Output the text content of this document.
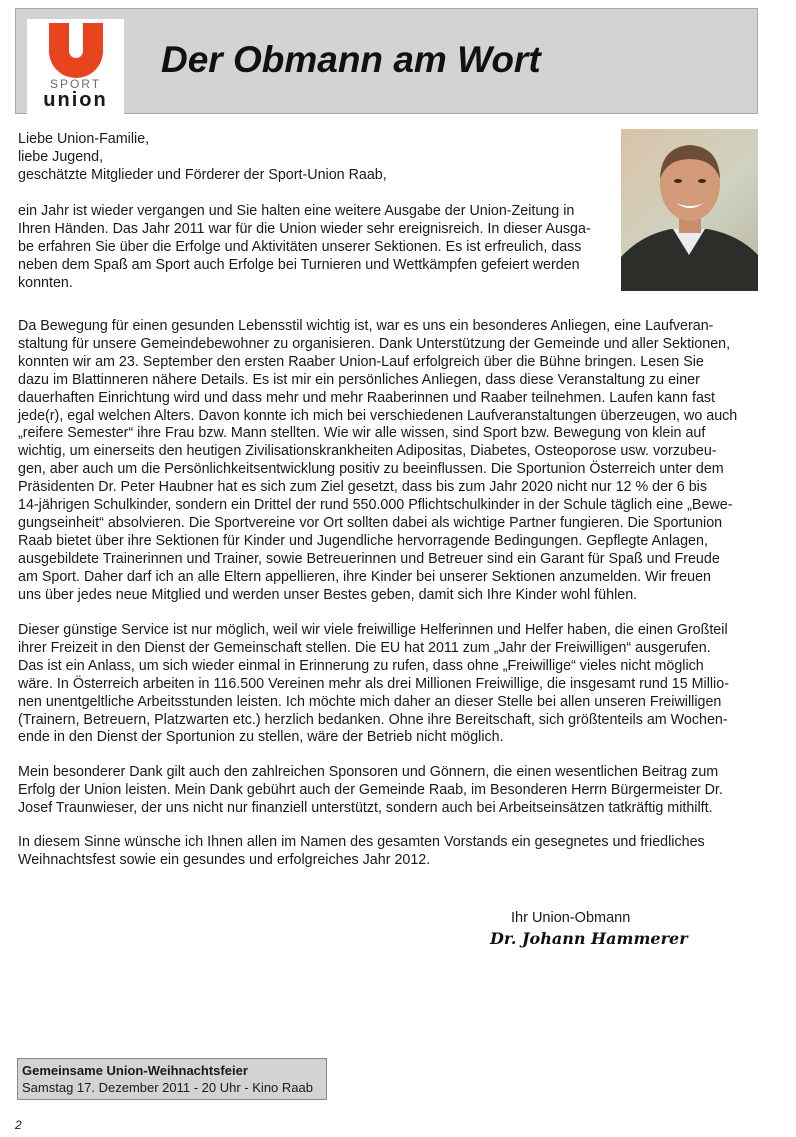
SPORT
union
Der Obmann am Wort
Liebe Union-Familie,
liebe Jugend,
geschätzte Mitglieder und Förderer der Sport-Union Raab,
ein Jahr ist wieder vergangen und Sie halten eine weitere Ausgabe der Union-Zeitung in
Ihren Händen. Das Jahr 2011 war für die Union wieder sehr ereignisreich. In dieser Ausga-
be erfahren Sie über die Erfolge und Aktivitäten unserer Sektionen. Es ist erfreulich, dass
neben dem Spaß am Sport auch Erfolge bei Turnieren und Wettkämpfen gefeiert werden
konnten.
Da Bewegung für einen gesunden Lebensstil wichtig ist, war es uns ein besonderes Anliegen, eine Laufveran-
staltung für unsere Gemeindebewohner zu organisieren. Dank Unterstützung der Gemeinde und aller Sektionen,
konnten wir am 23. September den ersten Raaber Union-Lauf erfolgreich über die Bühne bringen. Lesen Sie
dazu im Blattinneren nähere Details. Es ist mir ein persönliches Anliegen, dass diese Veranstaltung zu einer
dauerhaften Einrichtung wird und dass mehr und mehr Raaberinnen und Raaber teilnehmen. Laufen kann fast
jede(r), egal welchen Alters. Davon konnte ich mich bei verschiedenen Laufveranstaltungen überzeugen, wo auch
„reifere Semester“ ihre Frau bzw. Mann stellten. Wie wir alle wissen, sind Sport bzw. Bewegung von klein auf
wichtig, um einerseits den heutigen Zivilisationskrankheiten Adipositas, Diabetes, Osteoporose usw. vorzubeu-
gen, aber auch um die Persönlichkeitsentwicklung positiv zu beeinflussen. Die Sportunion Österreich unter dem
Präsidenten Dr. Peter Haubner hat es sich zum Ziel gesetzt, dass bis zum Jahr 2020 nicht nur 12 % der 6 bis
14-jährigen Schulkinder, sondern ein Drittel der rund 550.000 Pflichtschulkinder in der Schule täglich eine „Bewe-
gungseinheit“ absolvieren. Die Sportvereine vor Ort sollten dabei als wichtige Partner fungieren. Die Sportunion
Raab bietet über ihre Sektionen für Kinder und Jugendliche hervorragende Bedingungen. Gepflegte Anlagen,
ausgebildete Trainerinnen und Trainer, sowie Betreuerinnen und Betreuer sind ein Garant für Spaß und Freude
am Sport. Daher darf ich an alle Eltern appellieren, ihre Kinder bei unserer Sektionen anzumelden. Wir freuen
uns über jedes neue Mitglied und werden unser Bestes geben, damit sich Ihre Kinder wohl fühlen.
Dieser günstige Service ist nur möglich, weil wir viele freiwillige Helferinnen und Helfer haben, die einen Großteil
ihrer Freizeit in den Dienst der Gemeinschaft stellen. Die EU hat 2011 zum „Jahr der Freiwilligen“ ausgerufen.
Das ist ein Anlass, um sich wieder einmal in Erinnerung zu rufen, dass ohne „Freiwillige“ vieles nicht möglich
wäre. In Österreich arbeiten in 116.500 Vereinen mehr als drei Millionen Freiwillige, die insgesamt rund 15 Millio-
nen unentgeltliche Arbeitsstunden leisten. Ich möchte mich daher an dieser Stelle bei allen unseren Freiwilligen
(Trainern, Betreuern, Platzwarten etc.) herzlich bedanken. Ohne ihre Bereitschaft, sich größtenteils am Wochen-
ende in den Dienst der Sportunion zu stellen, wäre der Betrieb nicht möglich.
Mein besonderer Dank gilt auch den zahlreichen Sponsoren und Gönnern, die einen wesentlichen Beitrag zum
Erfolg der Union leisten. Mein Dank gebührt auch der Gemeinde Raab, im Besonderen Herrn Bürgermeister Dr.
Josef Traunwieser, der uns nicht nur finanziell unterstützt, sondern auch bei Arbeitseinsätzen tatkräftig mithilft.
In diesem Sinne wünsche ich Ihnen allen im Namen des gesamten Vorstands ein gesegnetes und friedliches
Weihnachtsfest sowie ein gesundes und erfolgreiches Jahr 2012.
Ihr Union-Obmann
Dr. Johann Hammerer
Gemeinsame Union-Weihnachtsfeier
Samstag 17. Dezember 2011 - 20 Uhr - Kino Raab
2
